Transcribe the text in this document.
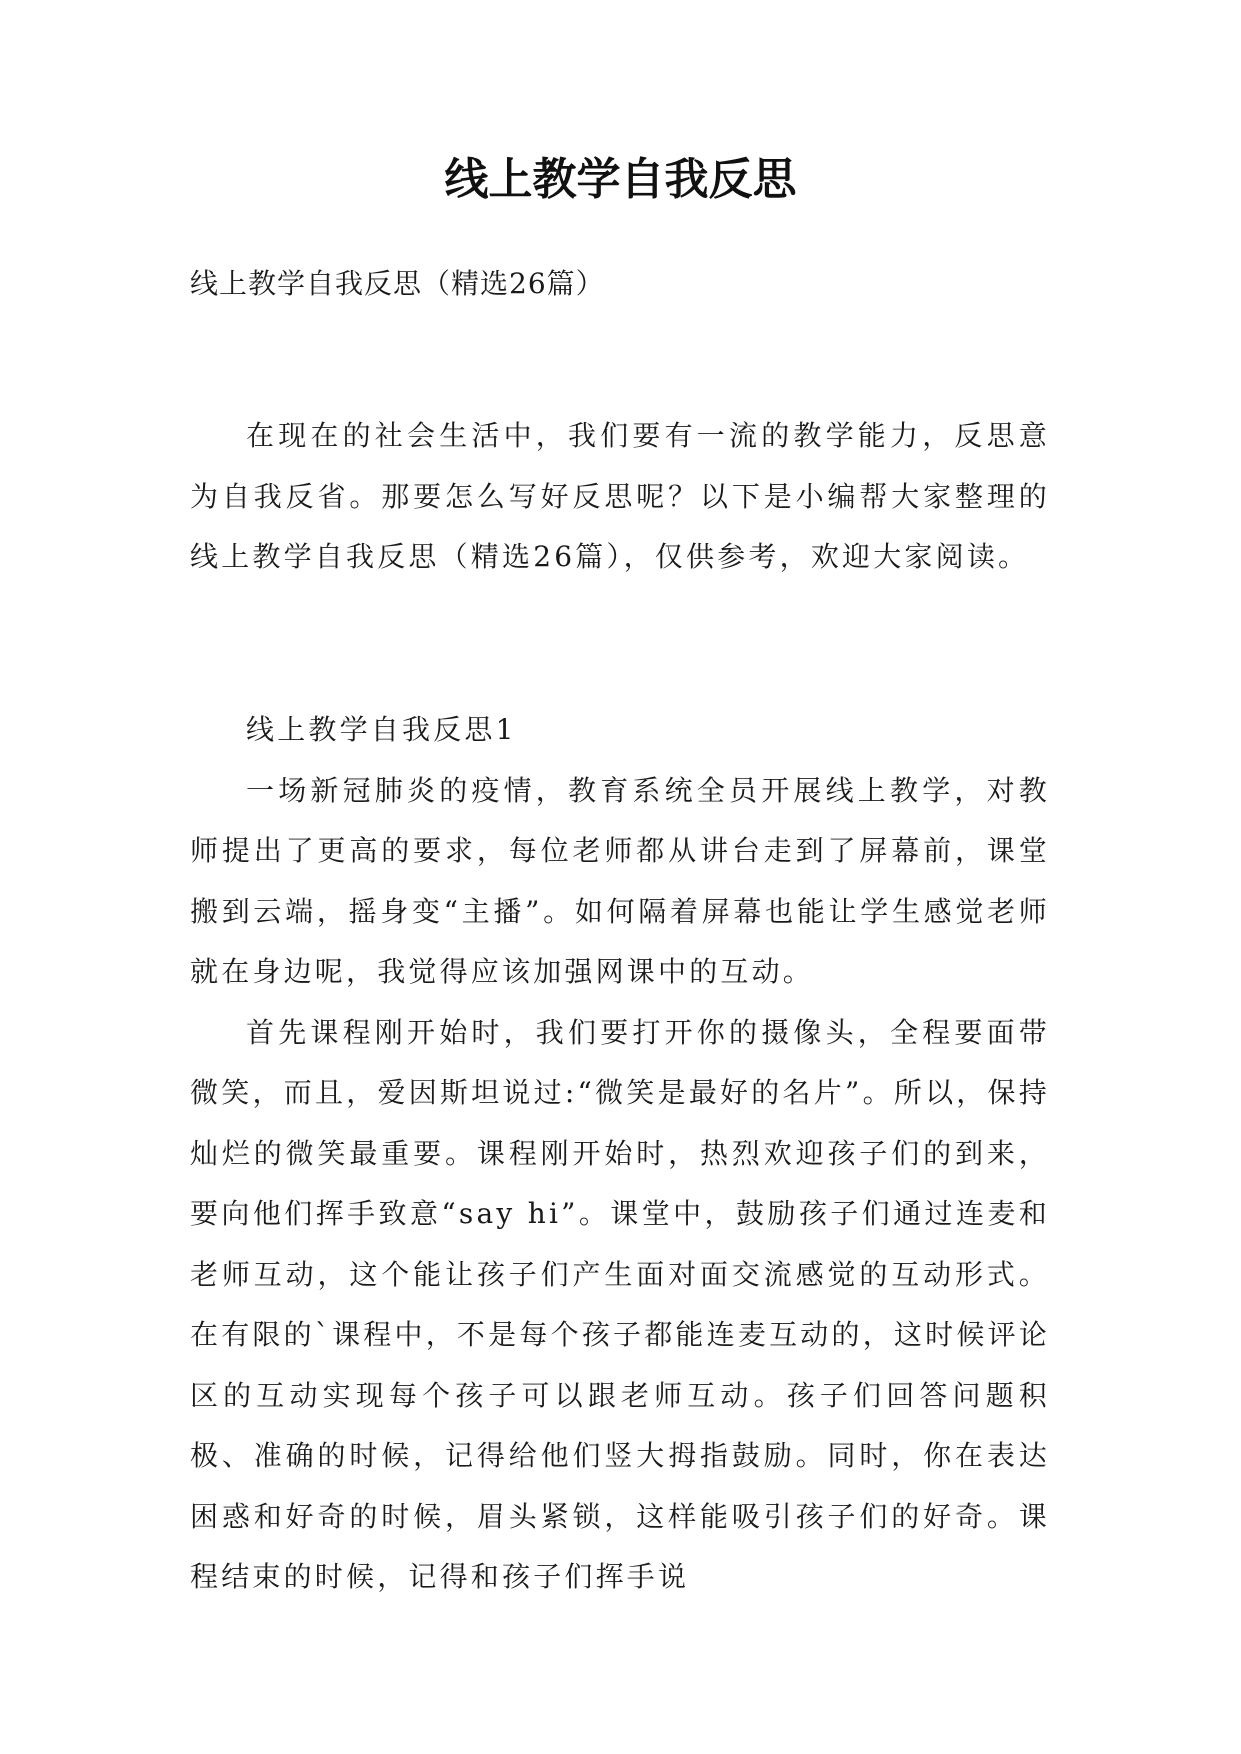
线上教学自我反思

线上教学自我反思（精选26篇）

在现在的社会生活中，我们要有一流的教学能力，反思意为自我反省。那要怎么写好反思呢？以下是小编帮大家整理的线上教学自我反思（精选26篇），仅供参考，欢迎大家阅读。

线上教学自我反思1

一场新冠肺炎的疫情，教育系统全员开展线上教学，对教师提出了更高的要求，每位老师都从讲台走到了屏幕前，课堂搬到云端，摇身变“主播”。如何隔着屏幕也能让学生感觉老师就在身边呢，我觉得应该加强网课中的互动。

首先课程刚开始时，我们要打开你的摄像头，全程要面带微笑，而且，爱因斯坦说过:“微笑是最好的名片”。所以，保持灿烂的微笑最重要。课程刚开始时，热烈欢迎孩子们的到来，要向他们挥手致意“say hi”。课堂中，鼓励孩子们通过连麦和老师互动，这个能让孩子们产生面对面交流感觉的互动形式。在有限的`课程中，不是每个孩子都能连麦互动的，这时候评论区的互动实现每个孩子可以跟老师互动。孩子们回答问题积极、准确的时候，记得给他们竖大拇指鼓励。同时，你在表达困惑和好奇的时候，眉头紧锁，这样能吸引孩子们的好奇。课程结束的时候，记得和孩子们挥手说
